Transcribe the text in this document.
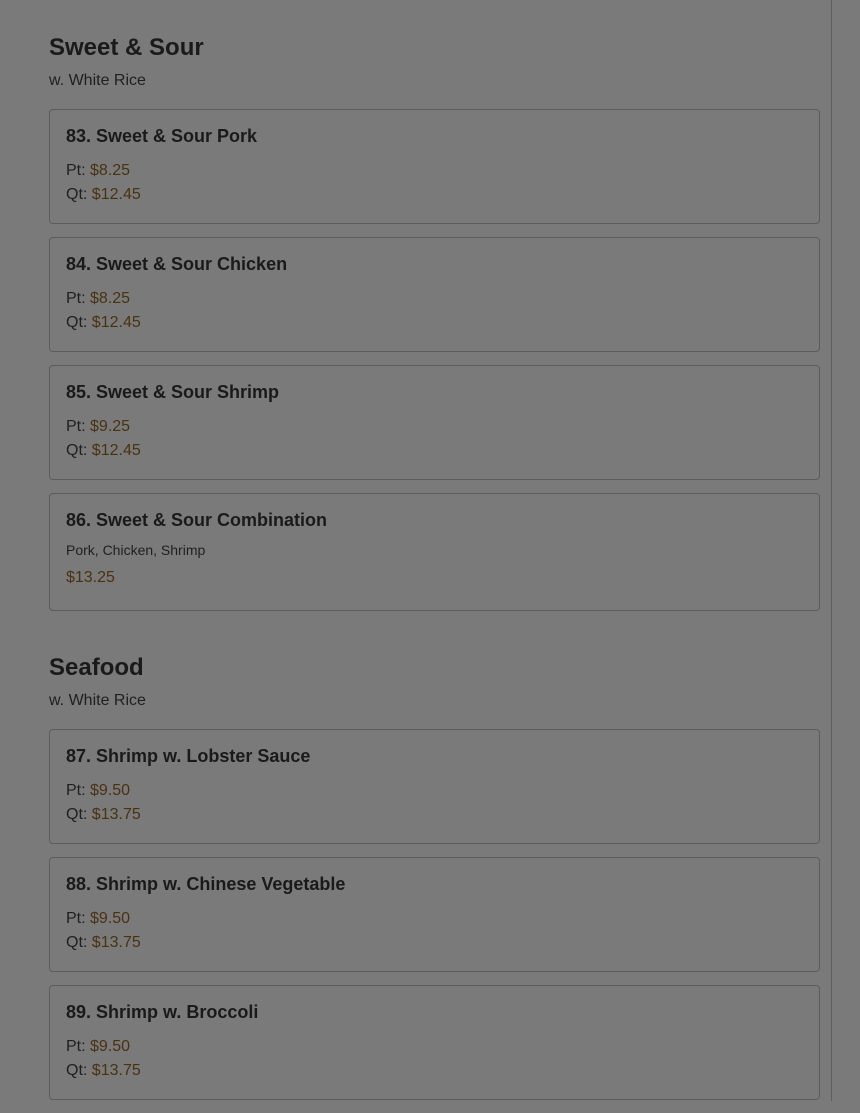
Sweet & Sour

w. White Rice

83. Sweet & Sour Pork
Pt: $8.25
Qt: $12.45
84. Sweet & Sour Chicken
Pt: $8.25
Qt: $12.45
85. Sweet & Sour Shrimp
Pt: $9.25
Qt: $12.45
86. Sweet & Sour Combination
Pork, Chicken, Shrimp
$13.25
Seafood

w. White Rice

87. Shrimp w. Lobster Sauce
Pt: $9.50
Qt: $13.75
88. Shrimp w. Chinese Vegetable
Pt: $9.50
Qt: $13.75
89. Shrimp w. Broccoli
Pt: $9.50
Qt: $13.75
